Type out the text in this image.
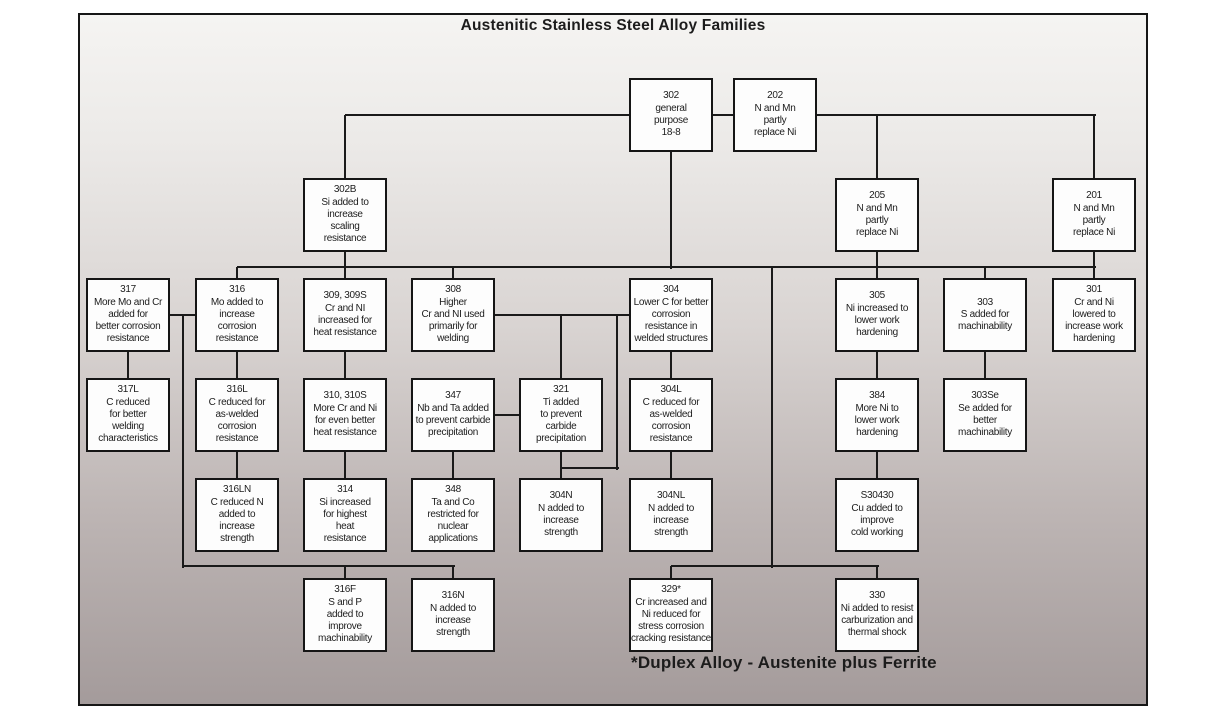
Austenitic Stainless Steel Alloy Families
302
general
purpose
18-8
202
N and Mn
partly
replace Ni
302B
Si added to
increase
scaling
resistance
205
N and Mn
partly
replace Ni
201
N and Mn
partly
replace Ni
317
More Mo and Cr
added for
better corrosion
resistance
316
Mo added to
increase
corrosion
resistance
309, 309S
Cr and NI
increased for
heat resistance
308
Higher
Cr and NI used
primarily for
welding
304
Lower C for better
corrosion
resistance in
welded structures
305
Ni increased to
lower work
hardening
303
S added for
machinability
301
Cr and Ni
lowered to
increase work
hardening
317L
C reduced
for better
welding
characteristics
316L
C reduced for
as-welded
corrosion
resistance
310, 310S
More Cr and Ni
for even better
heat resistance
347
Nb and Ta added
to prevent carbide
precipitation
321
Ti added
to prevent
carbide
precipitation
304L
C reduced for
as-welded
corrosion
resistance
384
More Ni to
lower work
hardening
303Se
Se added for
better
machinability
316LN
C reduced N
added to
increase
strength
314
Si increased
for highest
heat
resistance
348
Ta and Co
restricted for
nuclear
applications
304N
N added to
increase
strength
304NL
N added to
increase
strength
S30430
Cu added to
improve
cold working
316F
S and P
added to
improve
machinability
316N
N added to
increase
strength
329*
Cr increased and
Ni reduced for
stress corrosion
cracking resistance
330
Ni added to resist
carburization and
thermal shock
*Duplex Alloy - Austenite plus Ferrite
